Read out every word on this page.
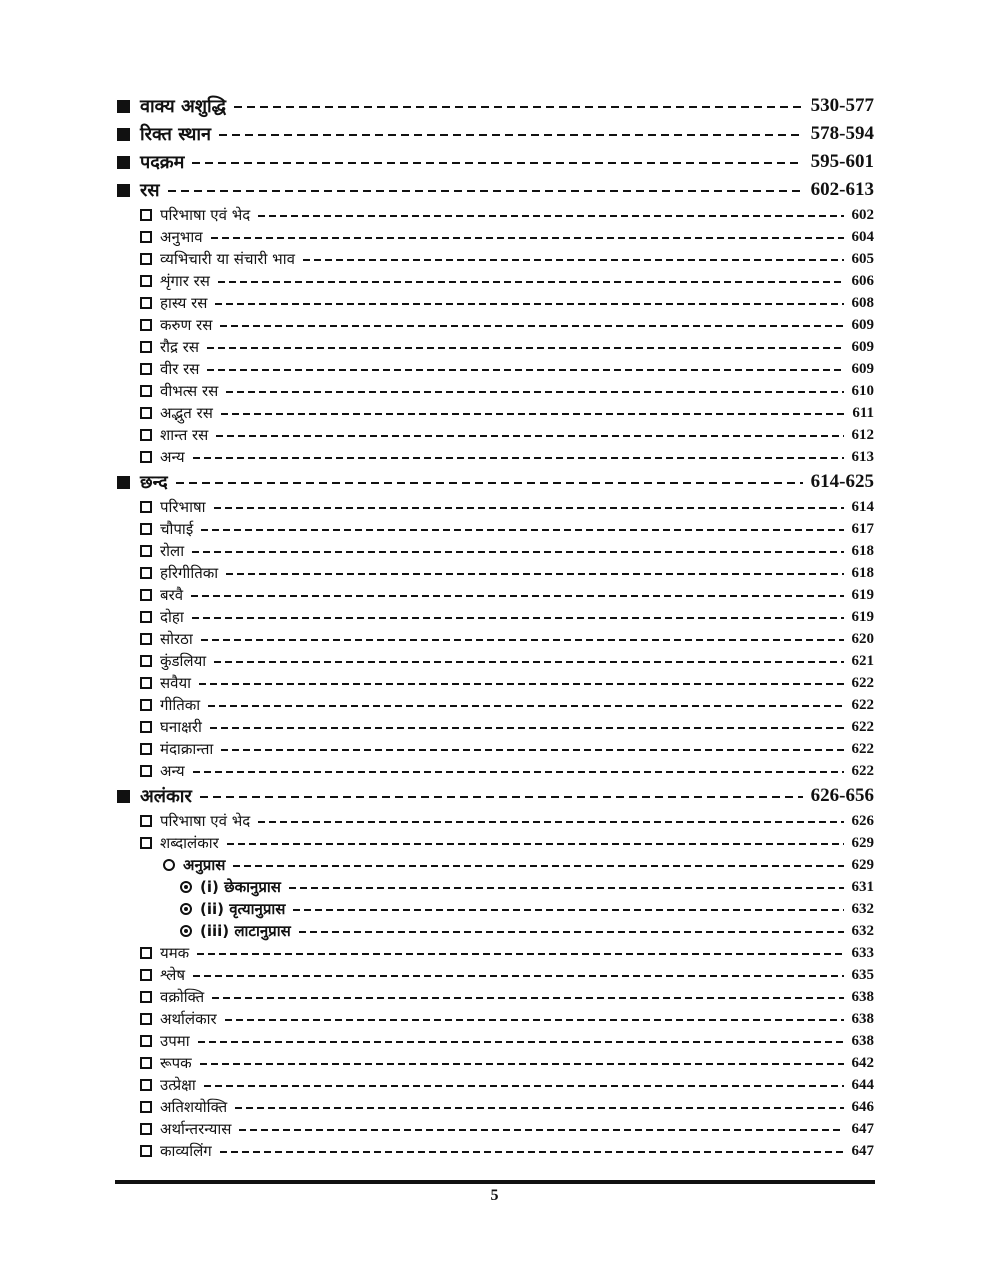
वाक्य अशुद्धि	530-577
रिक्त स्थान	578-594
पदक्रम	595-601
रस	602-613
परिभाषा एवं भेद	602
अनुभाव	604
व्यभिचारी या संचारी भाव	605
शृंगार रस	606
हास्य रस	608
करुण रस	609
रौद्र रस	609
वीर रस	609
वीभत्स रस	610
अद्भुत रस	611
शान्त रस	612
अन्य	613
छन्द	614-625
परिभाषा	614
चौपाई	617
रोला	618
हरिगीतिका	618
बरवै	619
दोहा	619
सोरठा	620
कुंडलिया	621
सवैया	622
गीतिका	622
घनाक्षरी	622
मंदाक्रान्ता	622
अन्य	622
अलंकार	626-656
परिभाषा एवं भेद	626
शब्दालंकार	629
अनुप्रास	629
(i) छेकानुप्रास	631
(ii) वृत्यानुप्रास	632
(iii) लाटानुप्रास	632
यमक	633
श्लेष	635
वक्रोक्ति	638
अर्थालंकार	638
उपमा	638
रूपक	642
उत्प्रेक्षा	644
अतिशयोक्ति	646
अर्थान्तरन्यास	647
काव्यलिंग	647
5
